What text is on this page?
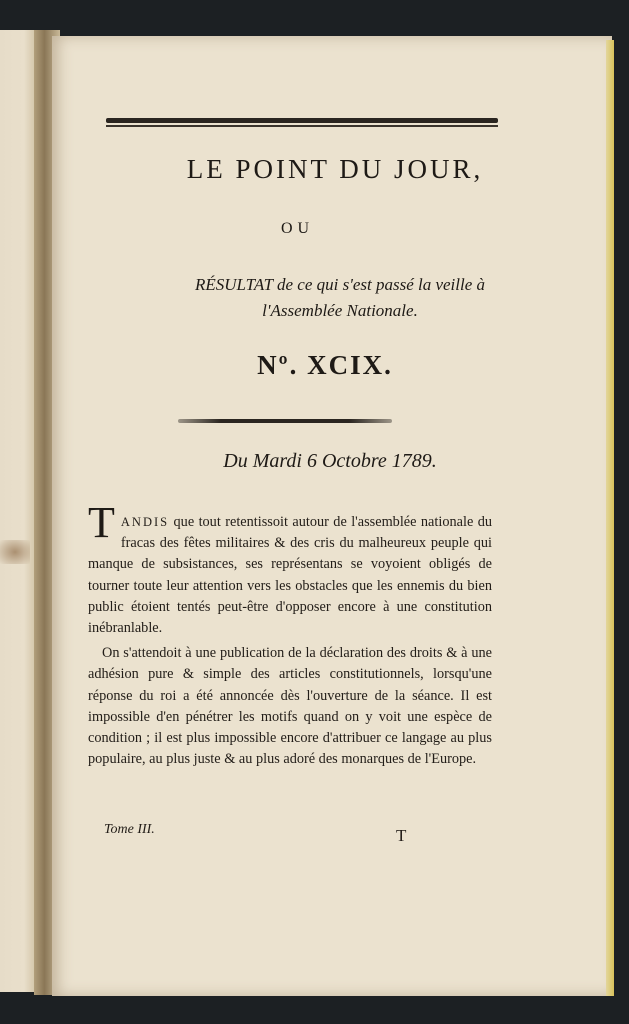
LE POINT DU JOUR,
OU
RÉSULTAT de ce qui s'est passé la veille à
l'Assemblée Nationale.
Nº. XCIX.
Du Mardi 6 Octobre 1789.

TANDIS que tout retentissoit autour de l'assemblée nationale du fracas des fêtes militaires & des cris du malheureux peuple qui manque de subsistances, ses représentans se voyoient obligés de tourner toute leur attention vers les obstacles que les ennemis du bien public étoient tentés peut-être d'opposer encore à une constitution inébranlable.

On s'attendoit à une publication de la déclaration des droits & à une adhésion pure & simple des articles constitutionnels, lorsqu'une réponse du roi a été annoncée dès l'ouverture de la séance. Il est impossible d'en pénétrer les motifs quand on y voit une espèce de condition ; il est plus impossible encore d'attribuer ce langage au plus populaire, au plus juste & au plus adoré des monarques de l'Europe.

Tome III.	T
